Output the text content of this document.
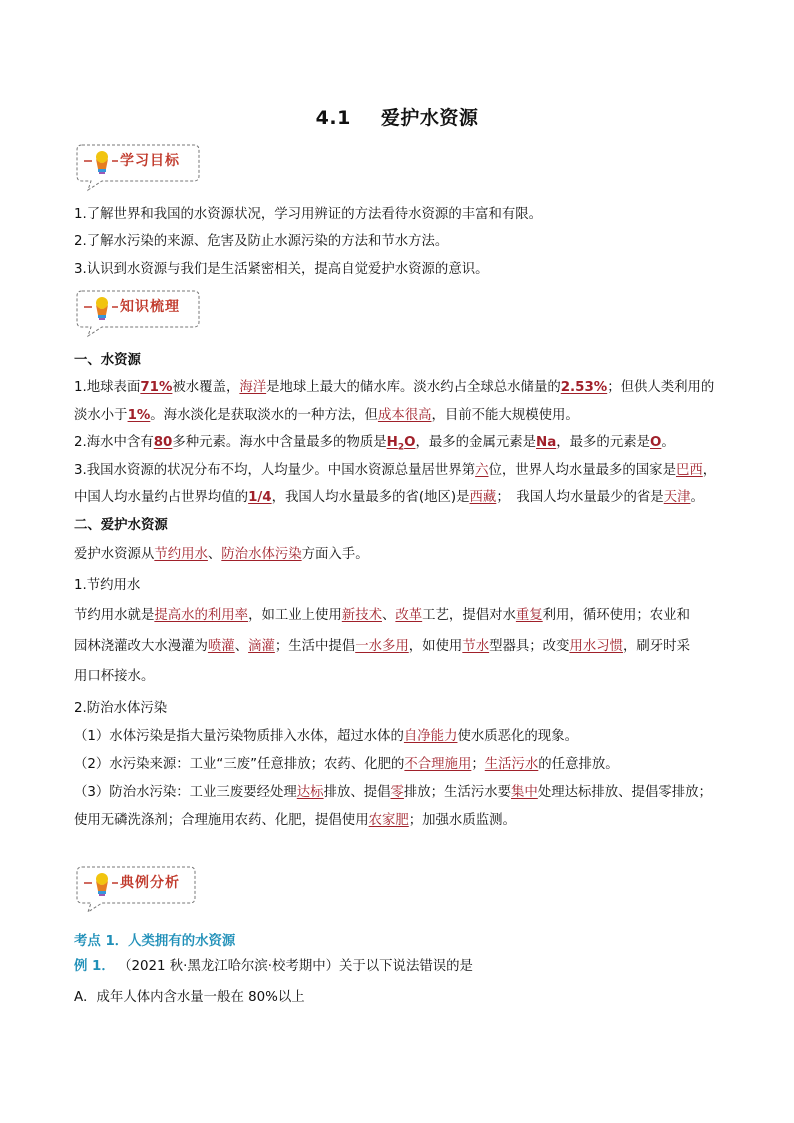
4.1 爱护水资源
学习目标
1.了解世界和我国的水资源状况，学习用辨证的方法看待水资源的丰富和有限。
2.了解水污染的来源、危害及防止水源污染的方法和节水方法。
3.认识到水资源与我们是生活紧密相关，提高自觉爱护水资源的意识。
知识梳理
一、水资源
1.地球表面71%被水覆盖，海洋是地球上最大的储水库。淡水约占全球总水储量的2.53%；但供人类利用的
淡水小于1%。海水淡化是获取淡水的一种方法，但成本很高，目前不能大规模使用。
2.海水中含有80多种元素。海水中含量最多的物质是$H_2O$，最多的金属元素是Na，最多的元素是O。
3.我国水资源的状况分布不均，人均量少。中国水资源总量居世界第六位，世界人均水量最多的国家是巴西，
中国人均水量约占世界均值的1/4，我国人均水量最多的省(地区)是西藏；　我国人均水量最少的省是天津。
二、爱护水资源
爱护水资源从节约用水、防治水体污染方面入手。
1.节约用水
节约用水就是提高水的利用率，如工业上使用新技术、改革工艺，提倡对水重复利用，循环使用；农业和
园林浇灌改大水漫灌为喷灌、滴灌；生活中提倡一水多用，如使用节水型器具；改变用水习惯，刷牙时采
用口杯接水。
2.防治水体污染
（1）水体污染是指大量污染物质排入水体，超过水体的自净能力使水质恶化的现象。
（2）水污染来源：工业“三废”任意排放；农药、化肥的不合理施用；生活污水的任意排放。
（3）防治水污染：工业三废要经处理达标排放、提倡零排放；生活污水要集中处理达标排放、提倡零排放；
使用无磷洗涤剂；合理施用农药、化肥，提倡使用农家肥；加强水质监测。
典例分析
考点 1．人类拥有的水资源
例 1． （2021 秋·黑龙江哈尔滨·校考期中）关于以下说法错误的是
A．成年人体内含水量一般在 80%以上
